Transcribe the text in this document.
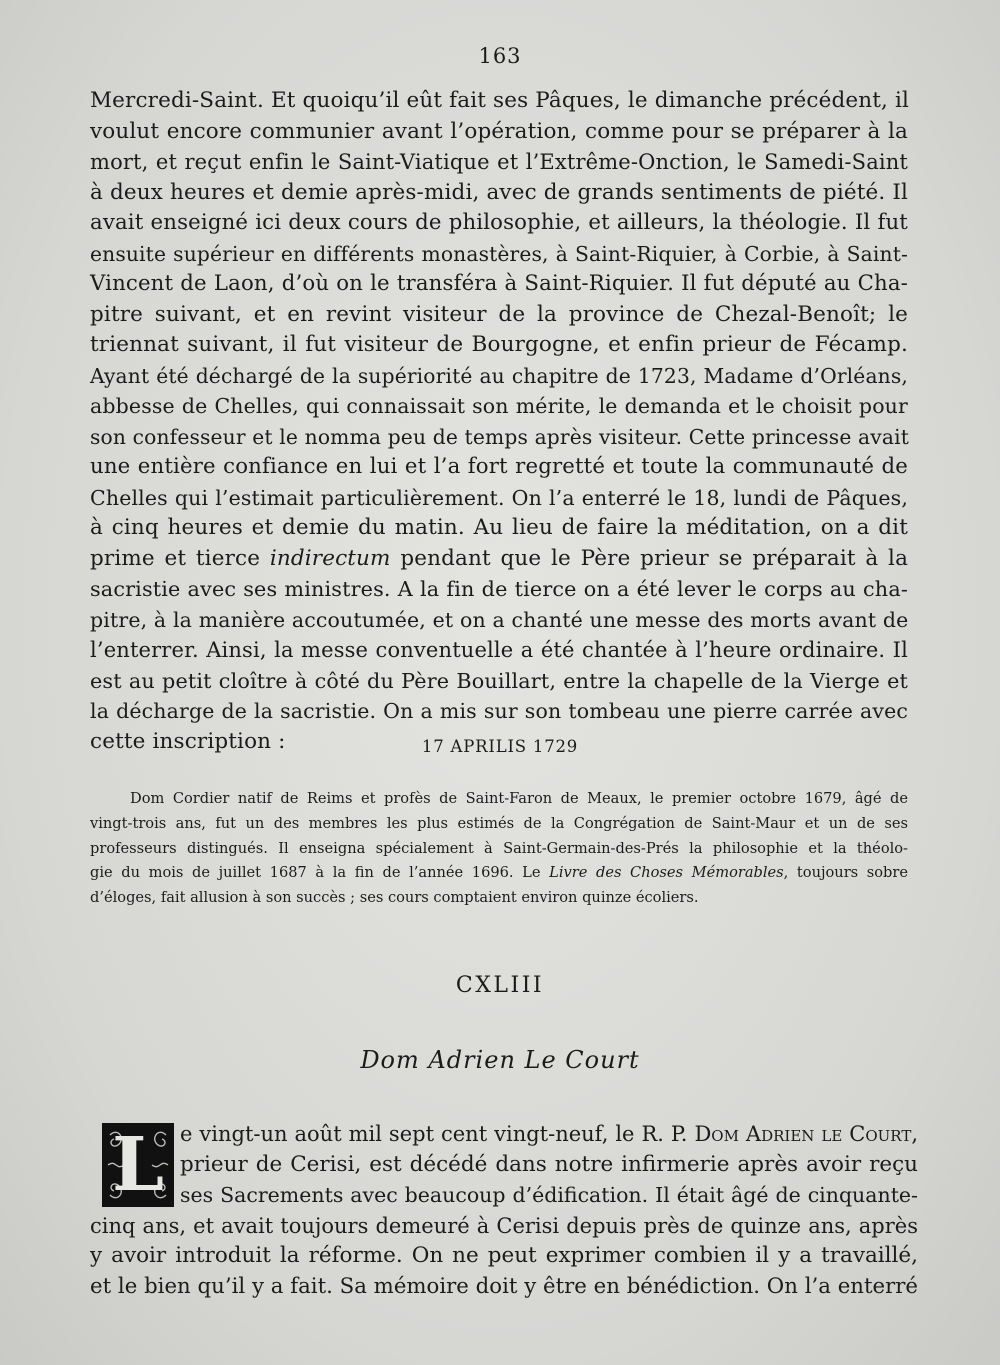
163
Mercredi-Saint. Et quoiqu’il eût fait ses Pâques, le dimanche précédent, il
voulut encore communier avant l’opération, comme pour se préparer à la
mort, et reçut enfin le Saint-Viatique et l’Extrême-Onction, le Samedi-Saint
à deux heures et demie après-midi, avec de grands sentiments de piété. Il
avait enseigné ici deux cours de philosophie, et ailleurs, la théologie. Il fut
ensuite supérieur en différents monastères, à Saint-Riquier, à Corbie, à Saint-
Vincent de Laon, d’où on le transféra à Saint-Riquier. Il fut député au Cha-
pitre suivant, et en revint visiteur de la province de Chezal-Benoît; le
triennat suivant, il fut visiteur de Bourgogne, et enfin prieur de Fécamp.
Ayant été déchargé de la supériorité au chapitre de 1723, Madame d’Orléans,
abbesse de Chelles, qui connaissait son mérite, le demanda et le choisit pour
son confesseur et le nomma peu de temps après visiteur. Cette princesse avait
une entière confiance en lui et l’a fort regretté et toute la communauté de
Chelles qui l’estimait particulièrement. On l’a enterré le 18, lundi de Pâques,
à cinq heures et demie du matin. Au lieu de faire la méditation, on a dit
prime et tierce indirectum pendant que le Père prieur se préparait à la
sacristie avec ses ministres. A la fin de tierce on a été lever le corps au cha-
pitre, à la manière accoutumée, et on a chanté une messe des morts avant de
l’enterrer. Ainsi, la messe conventuelle a été chantée à l’heure ordinaire. Il
est au petit cloître à côté du Père Bouillart, entre la chapelle de la Vierge et
la décharge de la sacristie. On a mis sur son tombeau une pierre carrée avec
cette inscription :	17 APRILIS 1729
Dom Cordier natif de Reims et profès de Saint-Faron de Meaux, le premier octobre 1679, âgé de
vingt-trois ans, fut un des membres les plus estimés de la Congrégation de Saint-Maur et un de ses
professeurs distingués. Il enseigna spécialement à Saint-Germain-des-Prés la philosophie et la théolo-
gie du mois de juillet 1687 à la fin de l’année 1696. Le Livre des Choses Mémorables, toujours sobre
d’éloges, fait allusion à son succès ; ses cours comptaient environ quinze écoliers.
CXLIII
Dom Adrien Le Court
L e vingt-un août mil sept cent vingt-neuf, le R. P. Dom Adrien le Court,
prieur de Cerisi, est décédé dans notre infirmerie après avoir reçu
ses Sacrements avec beaucoup d’édification. Il était âgé de cinquante-
cinq ans, et avait toujours demeuré à Cerisi depuis près de quinze ans, après
y avoir introduit la réforme. On ne peut exprimer combien il y a travaillé,
et le bien qu’il y a fait. Sa mémoire doit y être en bénédiction. On l’a enterré
